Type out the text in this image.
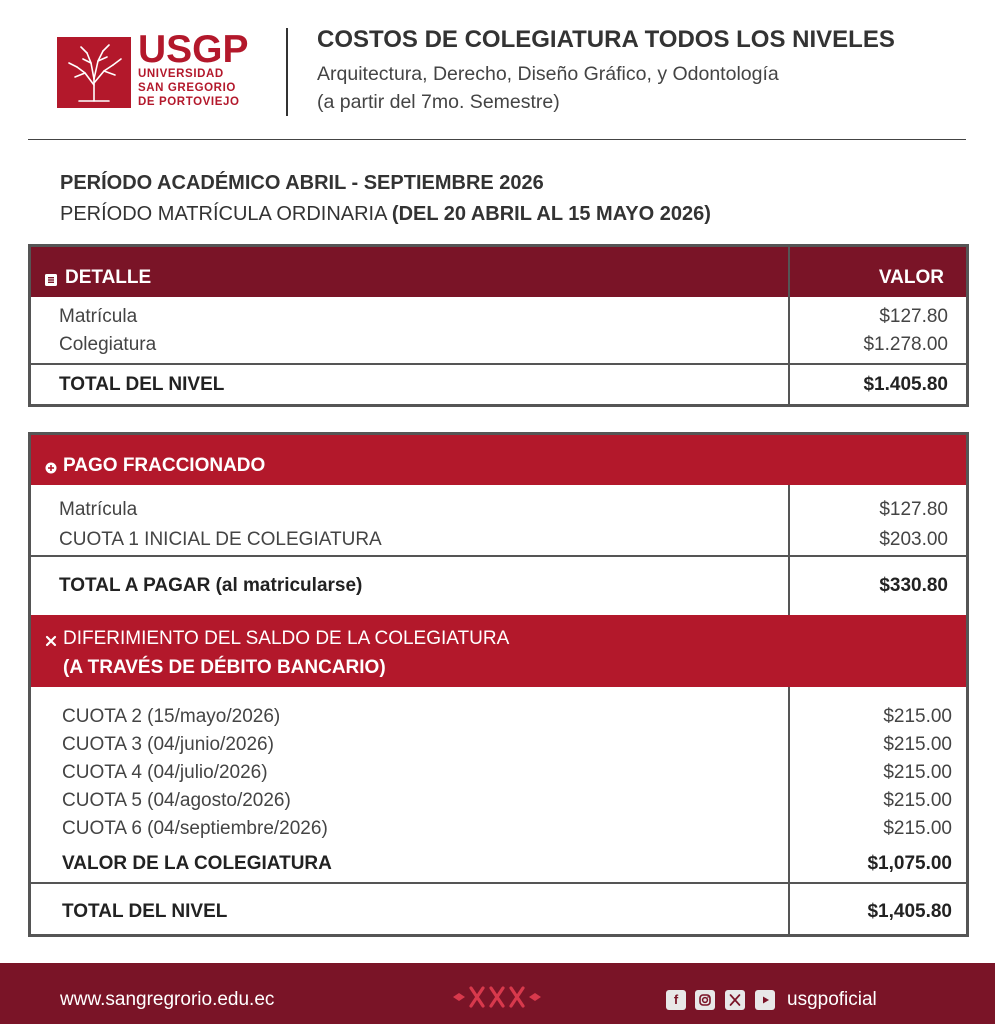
USGP
UNIVERSIDAD
SAN GREGORIO
DE PORTOVIEJO
COSTOS DE COLEGIATURA TODOS LOS NIVELES
Arquitectura, Derecho, Diseño Gráfico, y Odontología
(a partir del 7mo. Semestre)
PERÍODO ACADÉMICO ABRIL - SEPTIEMBRE 2026
PERÍODO MATRÍCULA ORDINARIA (DEL 20 ABRIL AL 15 MAYO 2026)
DETALLE	VALOR
Matrícula	$127.80
Colegiatura	$1.278.00
TOTAL DEL NIVEL	$1.405.80
PAGO FRACCIONADO
Matrícula	$127.80
CUOTA 1 INICIAL DE COLEGIATURA	$203.00
TOTAL A PAGAR (al matricularse)	$330.80
DIFERIMIENTO DEL SALDO DE LA COLEGIATURA
(A TRAVÉS DE DÉBITO BANCARIO)
CUOTA 2 (15/mayo/2026)	$215.00
CUOTA 3 (04/junio/2026)	$215.00
CUOTA 4 (04/julio/2026)	$215.00
CUOTA 5 (04/agosto/2026)	$215.00
CUOTA 6 (04/septiembre/2026)	$215.00
VALOR DE LA COLEGIATURA	$1,075.00
TOTAL DEL NIVEL	$1,405.80
www.sangregrorio.edu.ec	f	usgpoficial
